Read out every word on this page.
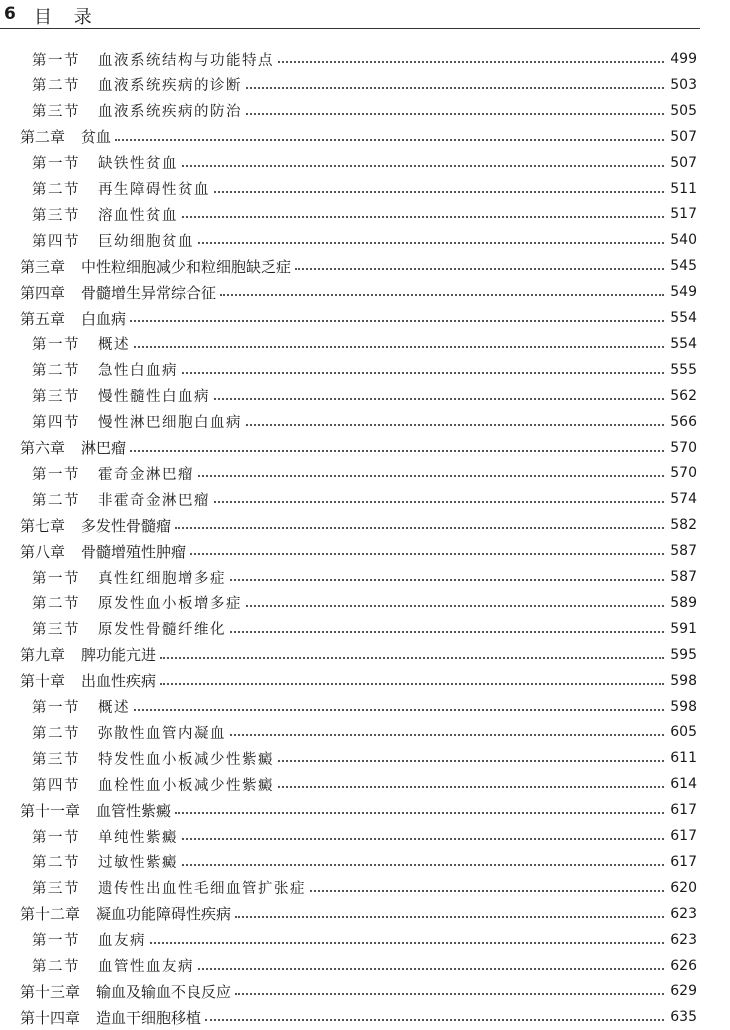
6 目 录
第一节 血液系统结构与功能特点	499
第二节 血液系统疾病的诊断	503
第三节 血液系统疾病的防治	505
第二章 贫血	507
第一节 缺铁性贫血	507
第二节 再生障碍性贫血	511
第三节 溶血性贫血	517
第四节 巨幼细胞贫血	540
第三章 中性粒细胞减少和粒细胞缺乏症	545
第四章 骨髓增生异常综合征	549
第五章 白血病	554
第一节 概述	554
第二节 急性白血病	555
第三节 慢性髓性白血病	562
第四节 慢性淋巴细胞白血病	566
第六章 淋巴瘤	570
第一节 霍奇金淋巴瘤	570
第二节 非霍奇金淋巴瘤	574
第七章 多发性骨髓瘤	582
第八章 骨髓增殖性肿瘤	587
第一节 真性红细胞增多症	587
第二节 原发性血小板增多症	589
第三节 原发性骨髓纤维化	591
第九章 脾功能亢进	595
第十章 出血性疾病	598
第一节 概述	598
第二节 弥散性血管内凝血	605
第三节 特发性血小板减少性紫癜	611
第四节 血栓性血小板减少性紫癜	614
第十一章 血管性紫癜	617
第一节 单纯性紫癜	617
第二节 过敏性紫癜	617
第三节 遗传性出血性毛细血管扩张症	620
第十二章 凝血功能障碍性疾病	623
第一节 血友病	623
第二节 血管性血友病	626
第十三章 输血及输血不良反应	629
第十四章 造血干细胞移植	635
